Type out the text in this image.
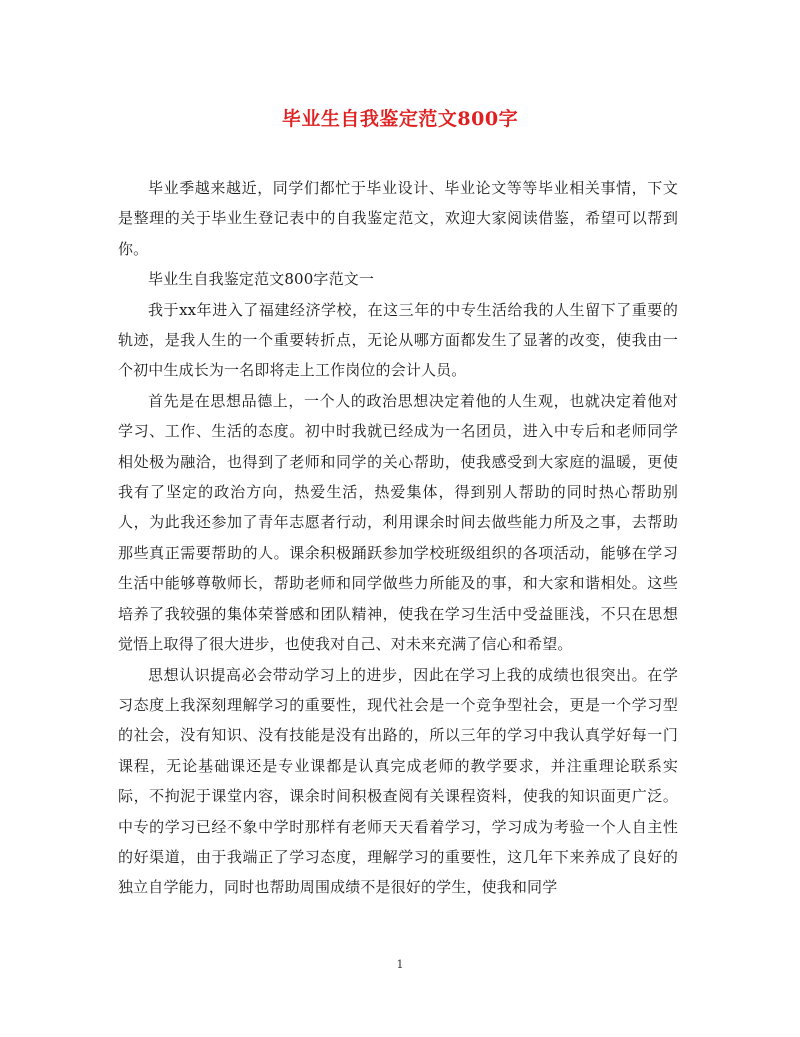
毕业生自我鉴定范文800字

毕业季越来越近，同学们都忙于毕业设计、毕业论文等等毕业相关事情，下文是整理的关于毕业生登记表中的自我鉴定范文，欢迎大家阅读借鉴，希望可以帮到你。

毕业生自我鉴定范文800字范文一

我于xx年进入了福建经济学校，在这三年的中专生活给我的人生留下了重要的轨迹，是我人生的一个重要转折点，无论从哪方面都发生了显著的改变，使我由一个初中生成长为一名即将走上工作岗位的会计人员。

首先是在思想品德上，一个人的政治思想决定着他的人生观，也就决定着他对学习、工作、生活的态度。初中时我就已经成为一名团员，进入中专后和老师同学相处极为融洽，也得到了老师和同学的关心帮助，使我感受到大家庭的温暖，更使我有了坚定的政治方向，热爱生活，热爱集体，得到别人帮助的同时热心帮助别人，为此我还参加了青年志愿者行动，利用课余时间去做些能力所及之事，去帮助那些真正需要帮助的人。课余积极踊跃参加学校班级组织的各项活动，能够在学习生活中能够尊敬师长，帮助老师和同学做些力所能及的事，和大家和谐相处。这些培养了我较强的集体荣誉感和团队精神，使我在学习生活中受益匪浅，不只在思想觉悟上取得了很大进步，也使我对自己、对未来充满了信心和希望。

思想认识提高必会带动学习上的进步，因此在学习上我的成绩也很突出。在学习态度上我深刻理解学习的重要性，现代社会是一个竞争型社会，更是一个学习型的社会，没有知识、没有技能是没有出路的，所以三年的学习中我认真学好每一门课程，无论基础课还是专业课都是认真完成老师的教学要求，并注重理论联系实际，不拘泥于课堂内容，课余时间积极查阅有关课程资料，使我的知识面更广泛。中专的学习已经不象中学时那样有老师天天看着学习，学习成为考验一个人自主性的好渠道，由于我端正了学习态度，理解学习的重要性，这几年下来养成了良好的独立自学能力，同时也帮助周围成绩不是很好的学生，使我和同学

1
